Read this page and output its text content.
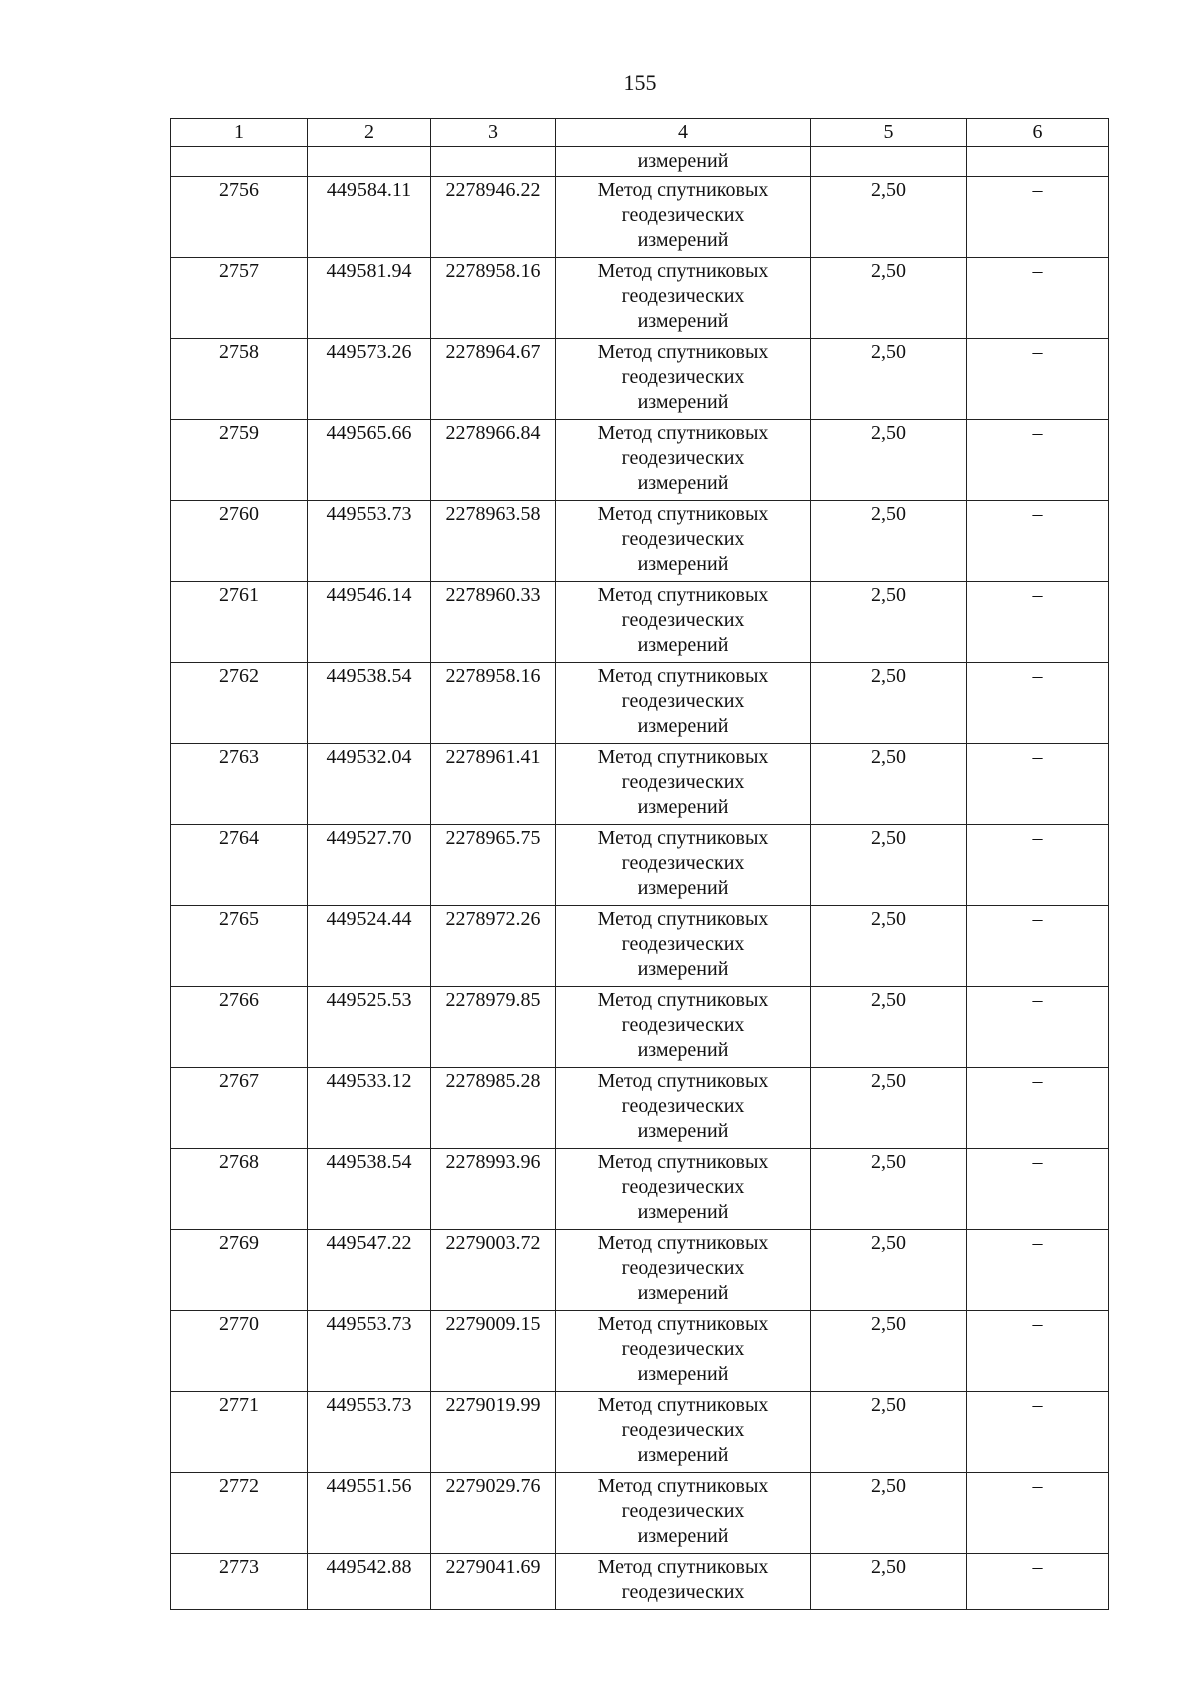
155
1	2	3	4	5	6
			измерений		
2756	449584.11	2278946.22	Метод спутниковых
геодезических
измерений	2,50	–
2757	449581.94	2278958.16	Метод спутниковых
геодезических
измерений	2,50	–
2758	449573.26	2278964.67	Метод спутниковых
геодезических
измерений	2,50	–
2759	449565.66	2278966.84	Метод спутниковых
геодезических
измерений	2,50	–
2760	449553.73	2278963.58	Метод спутниковых
геодезических
измерений	2,50	–
2761	449546.14	2278960.33	Метод спутниковых
геодезических
измерений	2,50	–
2762	449538.54	2278958.16	Метод спутниковых
геодезических
измерений	2,50	–
2763	449532.04	2278961.41	Метод спутниковых
геодезических
измерений	2,50	–
2764	449527.70	2278965.75	Метод спутниковых
геодезических
измерений	2,50	–
2765	449524.44	2278972.26	Метод спутниковых
геодезических
измерений	2,50	–
2766	449525.53	2278979.85	Метод спутниковых
геодезических
измерений	2,50	–
2767	449533.12	2278985.28	Метод спутниковых
геодезических
измерений	2,50	–
2768	449538.54	2278993.96	Метод спутниковых
геодезических
измерений	2,50	–
2769	449547.22	2279003.72	Метод спутниковых
геодезических
измерений	2,50	–
2770	449553.73	2279009.15	Метод спутниковых
геодезических
измерений	2,50	–
2771	449553.73	2279019.99	Метод спутниковых
геодезических
измерений	2,50	–
2772	449551.56	2279029.76	Метод спутниковых
геодезических
измерений	2,50	–
2773	449542.88	2279041.69	Метод спутниковых
геодезических	2,50	–
